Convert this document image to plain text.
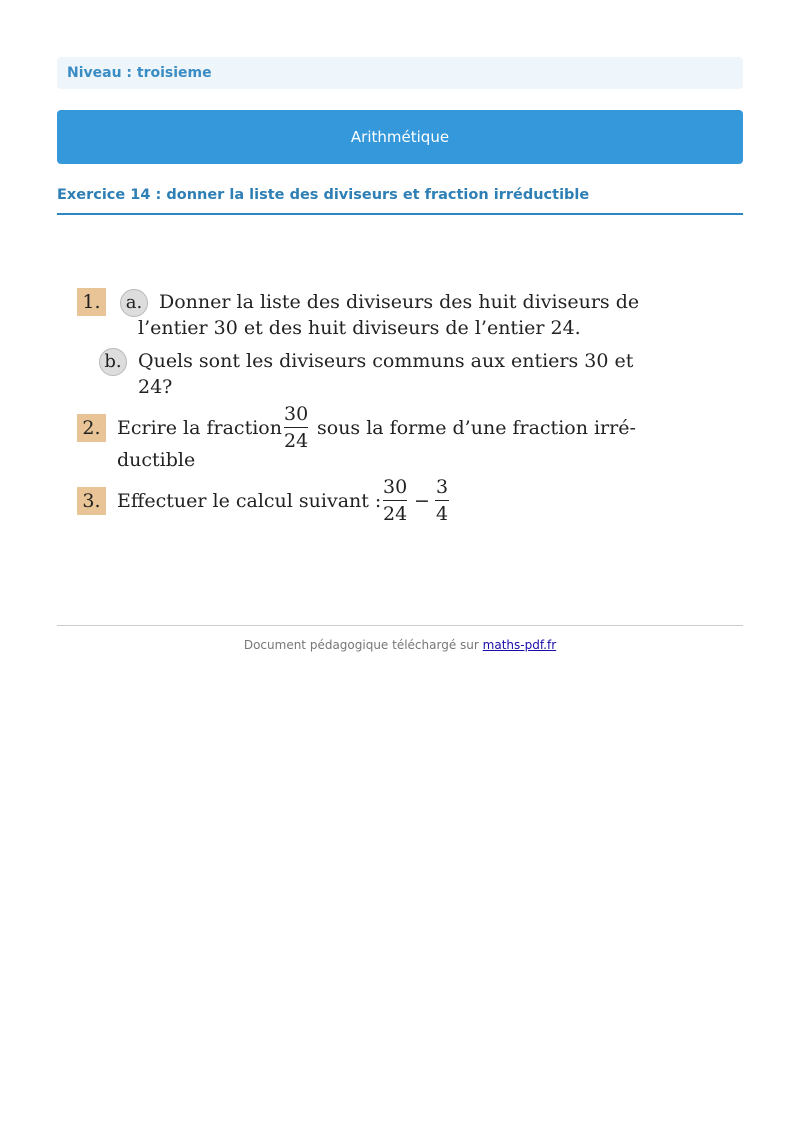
Niveau : troisieme
Arithmétique
Exercice 14 : donner la liste des diviseurs et fraction irréductible
1.	a. Donner la liste des diviseurs des huit diviseurs de
l’entier 30 et des huit diviseurs de l’entier 24.
b. Quels sont les diviseurs communs aux entiers 30 et
24?
2. Ecrire la fraction
30
24
sous la forme d’une fraction irré-
ductible
3. Effectuer le calcul suivant :
30
24
−
3
4
Document pédagogique téléchargé sur maths-pdf.fr
